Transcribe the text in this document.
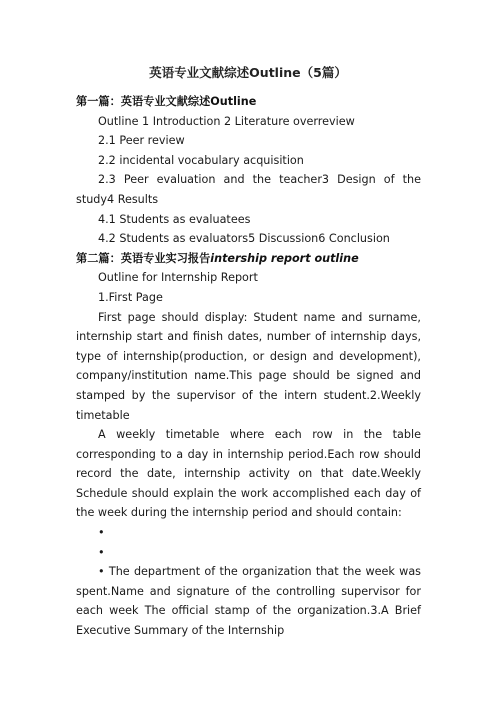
英语专业文献综述Outline（5篇）
第一篇：英语专业文献综述Outline
Outline 1 Introduction 2 Literature overreview
2.1 Peer review
2.2 incidental vocabulary acquisition
2.3 Peer evaluation and the teacher3 Design of the study4 Results
4.1 Students as evaluatees
4.2 Students as evaluators5 Discussion6 Conclusion
第二篇：英语专业实习报告intership report outline
Outline for Internship Report
1.First Page
First page should display: Student name and surname, internship start and finish dates, number of internship days, type of internship(production, or design and development), company/institution name.This page should be signed and stamped by the supervisor of the intern student.2.Weekly timetable
A weekly timetable where each row in the table corresponding to a day in internship period.Each row should record the date, internship activity on that date.Weekly Schedule should explain the work accomplished each day of the week during the internship period and should contain:
•
•
• The department of the organization that the week was spent.Name and signature of the controlling supervisor for each week The official stamp of the organization.3.A Brief Executive Summary of the Internship
